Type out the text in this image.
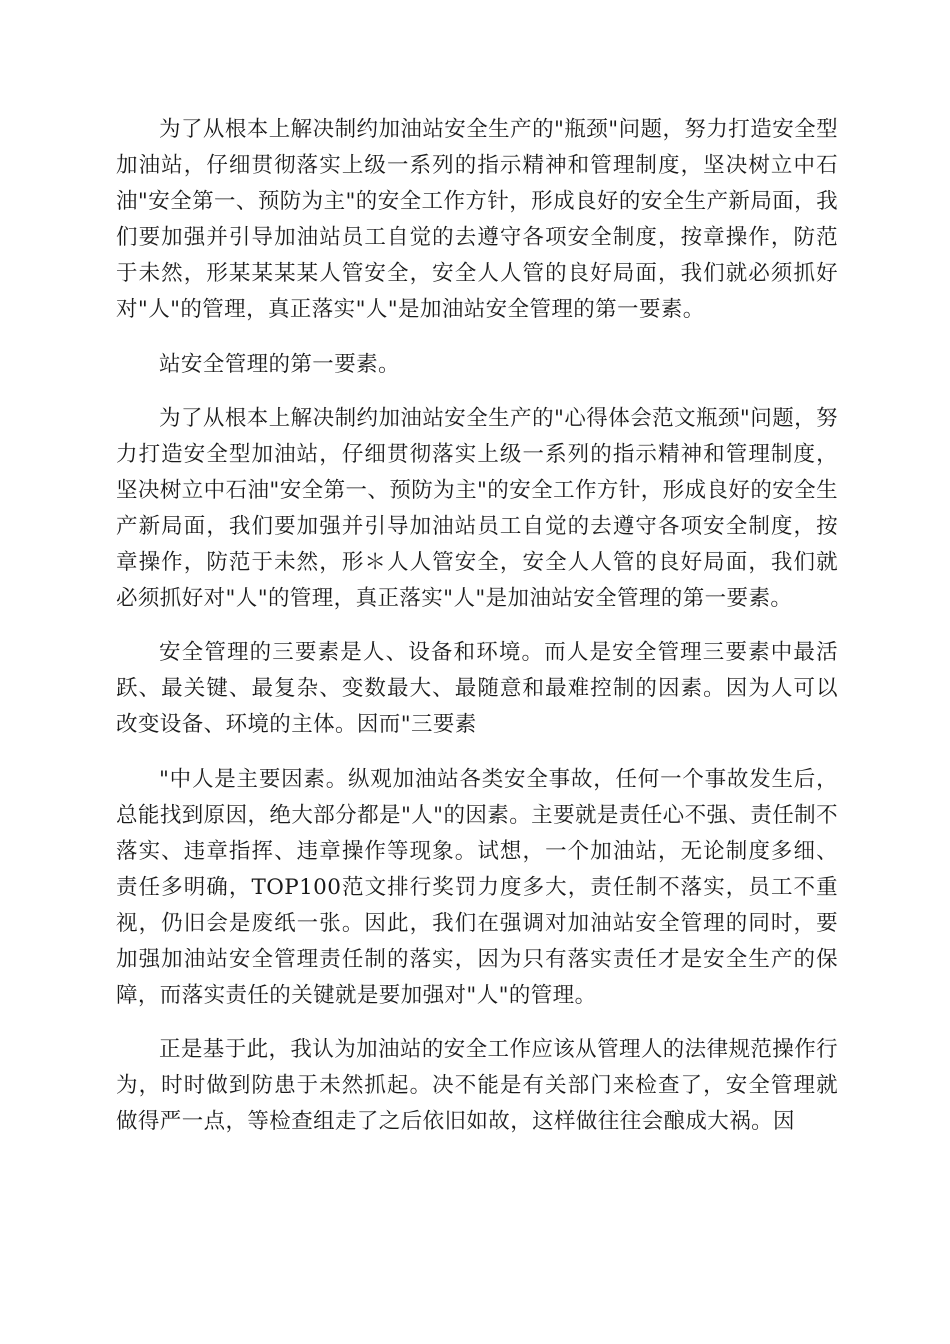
为了从根本上解决制约加油站安全生产的"瓶颈"问题，努力打造安全型加油站，仔细贯彻落实上级一系列的指示精神和管理制度，坚决树立中石油"安全第一、预防为主"的安全工作方针，形成良好的安全生产新局面，我们要加强并引导加油站员工自觉的去遵守各项安全制度，按章操作，防范于未然，形某某某某人管安全，安全人人管的良好局面，我们就必须抓好对"人"的管理，真正落实"人"是加油站安全管理的第一要素。

站安全管理的第一要素。

为了从根本上解决制约加油站安全生产的"心得体会范文瓶颈"问题，努力打造安全型加油站，仔细贯彻落实上级一系列的指示精神和管理制度，坚决树立中石油"安全第一、预防为主"的安全工作方针，形成良好的安全生产新局面，我们要加强并引导加油站员工自觉的去遵守各项安全制度，按章操作，防范于未然，形＊人人管安全，安全人人管的良好局面，我们就必须抓好对"人"的管理，真正落实"人"是加油站安全管理的第一要素。

安全管理的三要素是人、设备和环境。而人是安全管理三要素中最活跃、最关键、最复杂、变数最大、最随意和最难控制的因素。因为人可以改变设备、环境的主体。因而"三要素

"中人是主要因素。纵观加油站各类安全事故，任何一个事故发生后，总能找到原因，绝大部分都是"人"的因素。主要就是责任心不强、责任制不落实、违章指挥、违章操作等现象。试想，一个加油站，无论制度多细、责任多明确，TOP100范文排行奖罚力度多大，责任制不落实，员工不重视，仍旧会是废纸一张。因此，我们在强调对加油站安全管理的同时，要加强加油站安全管理责任制的落实，因为只有落实责任才是安全生产的保障，而落实责任的关键就是要加强对"人"的管理。

正是基于此，我认为加油站的安全工作应该从管理人的法律规范操作行为，时时做到防患于未然抓起。决不能是有关部门来检查了，安全管理就做得严一点，等检查组走了之后依旧如故，这样做往往会酿成大祸。因
